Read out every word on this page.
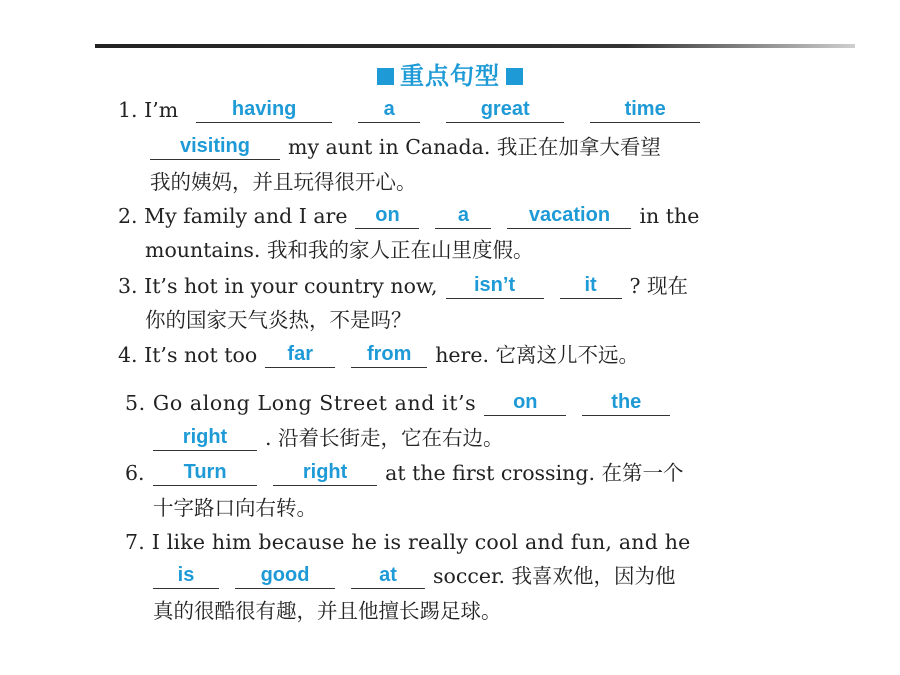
重点句型
1. I’m	having	a	great	time
visiting my aunt in Canada. 我正在加拿大看望
我的姨妈，并且玩得很开心。
2. My family and I are on	a	vacation in the
mountains. 我和我的家人正在山里度假。
3. It’s hot in your country now, isn’t	it ? 现在
你的国家天气炎热，不是吗？
4. It’s not too far	from here. 它离这儿不远。
5. Go along Long Street and it’s on	the
right . 沿着长街走，它在右边。
6. Turn	right at the first crossing. 在第一个
十字路口向右转。
7. I like him because he is really cool and fun, and he
is	good	at soccer. 我喜欢他，因为他
真的很酷很有趣，并且他擅长踢足球。
